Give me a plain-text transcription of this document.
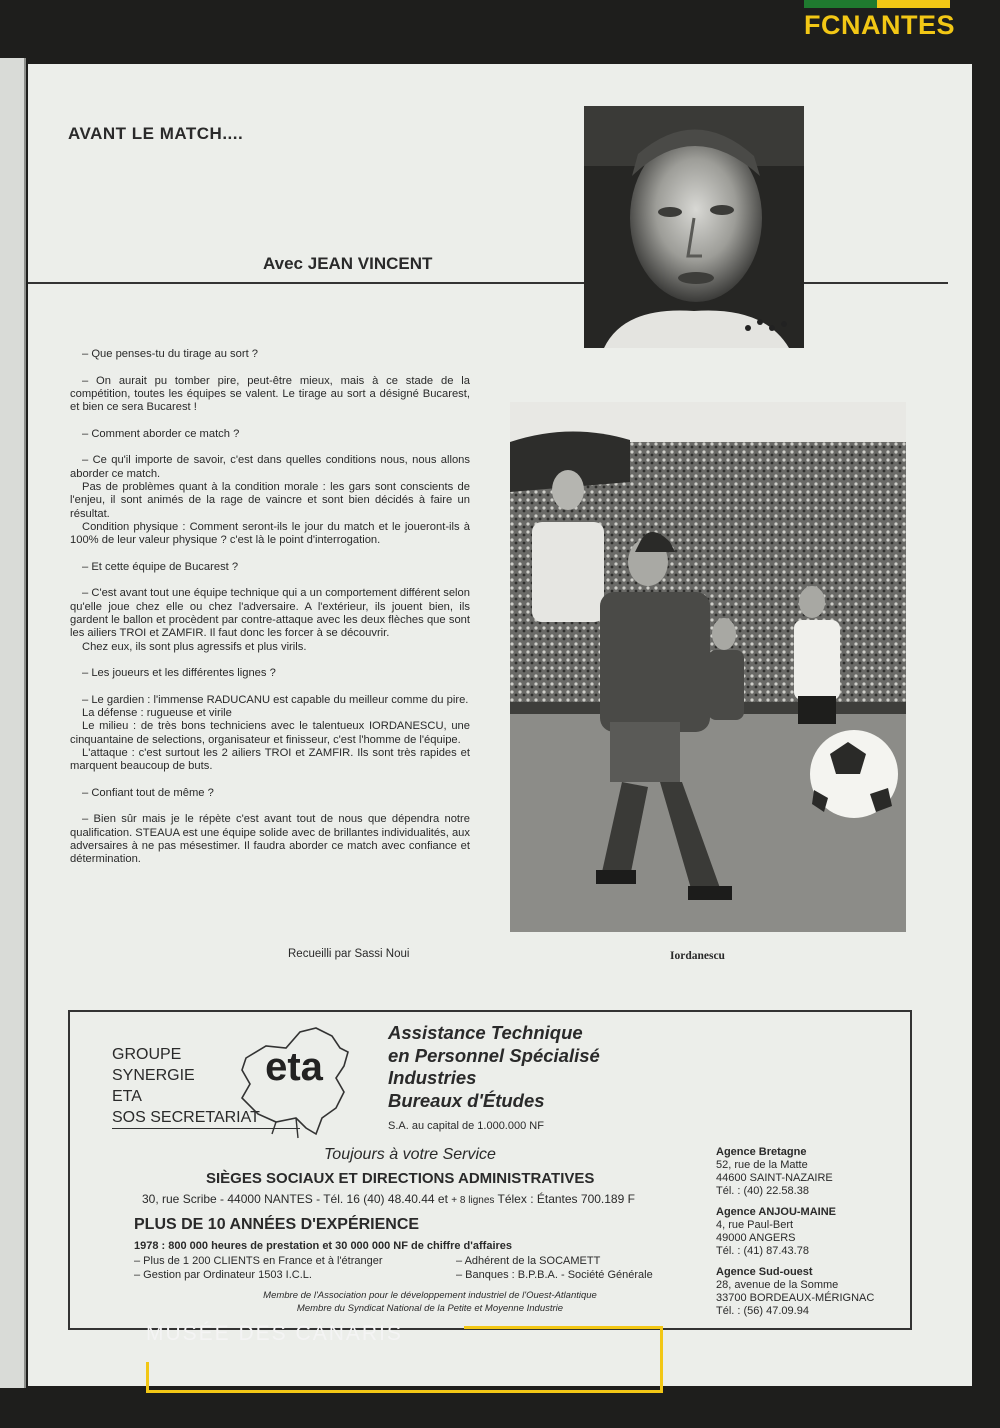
FCNANTES
AVANT LE MATCH....
Avec JEAN VINCENT

– Que penses-tu du tirage au sort ?

– On aurait pu tomber pire, peut-être mieux, mais à ce stade de la compétition, toutes les équipes se valent. Le tirage au sort a désigné Bucarest, et bien ce sera Bucarest !

– Comment aborder ce match ?

– Ce qu'il importe de savoir, c'est dans quelles conditions nous, nous allons aborder ce match.
Pas de problèmes quant à la condition morale : les gars sont conscients de l'enjeu, il sont animés de la rage de vaincre et sont bien décidés à faire un résultat.
Condition physique : Comment seront-ils le jour du match et le joueront-ils à 100% de leur valeur physique ? c'est là le point d'interrogation.

– Et cette équipe de Bucarest ?

– C'est avant tout une équipe technique qui a un comportement différent selon qu'elle joue chez elle ou chez l'adversaire. A l'extérieur, ils jouent bien, ils gardent le ballon et procèdent par contre-attaque avec les deux flèches que sont les ailiers TROI et ZAMFIR. Il faut donc les forcer à se découvrir.
Chez eux, ils sont plus agressifs et plus virils.

– Les joueurs et les différentes lignes ?

– Le gardien : l'immense RADUCANU est capable du meilleur comme du pire.
La défense : rugueuse et virile
Le milieu : de très bons techniciens avec le talentueux IORDANESCU, une cinquantaine de selections, organisateur et finisseur, c'est l'homme de l'équipe.
L'attaque : c'est surtout les 2 ailiers TROI et ZAMFIR. Ils sont très rapides et marquent beaucoup de buts.

– Confiant tout de même ?

– Bien sûr mais je le répète c'est avant tout de nous que dépendra notre qualification. STEAUA est une équipe solide avec de brillantes individualités, aux adversaires à ne pas mésestimer. Il faudra aborder ce match avec confiance et détermination.

Recueilli par Sassi Noui	Iordanescu
GROUPE
SYNERGIE
ETA
SOS SECRETARIAT
eta
Assistance Technique
en Personnel Spécialisé
Industries
Bureaux d'Études
S.A. au capital de 1.000.000 NF
Toujours à votre Service
SIÈGES SOCIAUX ET DIRECTIONS ADMINISTRATIVES
30, rue Scribe - 44000 NANTES - Tél. 16 (40) 48.40.44 et + 8 lignes Télex : Étantes 700.189 F
PLUS DE 10 ANNÉES D'EXPÉRIENCE
1978 : 800 000 heures de prestation et 30 000 000 NF de chiffre d'affaires
– Plus de 1 200 CLIENTS en France et à l'étranger
– Gestion par Ordinateur 1503 I.C.L.
– Adhérent de la SOCAMETT
– Banques : B.P.B.A. - Société Générale
Membre de l'Association pour le développement industriel de l'Ouest-Atlantique
Membre du Syndicat National de la Petite et Moyenne Industrie
Agence Bretagne
52, rue de la Matte
44600 SAINT-NAZAIRE
Tél. : (40) 22.58.38
Agence ANJOU-MAINE
4, rue Paul-Bert
49000 ANGERS
Tél. : (41) 87.43.78
Agence Sud-ouest
28, avenue de la Somme
33700 BORDEAUX-MÉRIGNAC
Tél. : (56) 47.09.94
MUSÉE DES CANARIS
